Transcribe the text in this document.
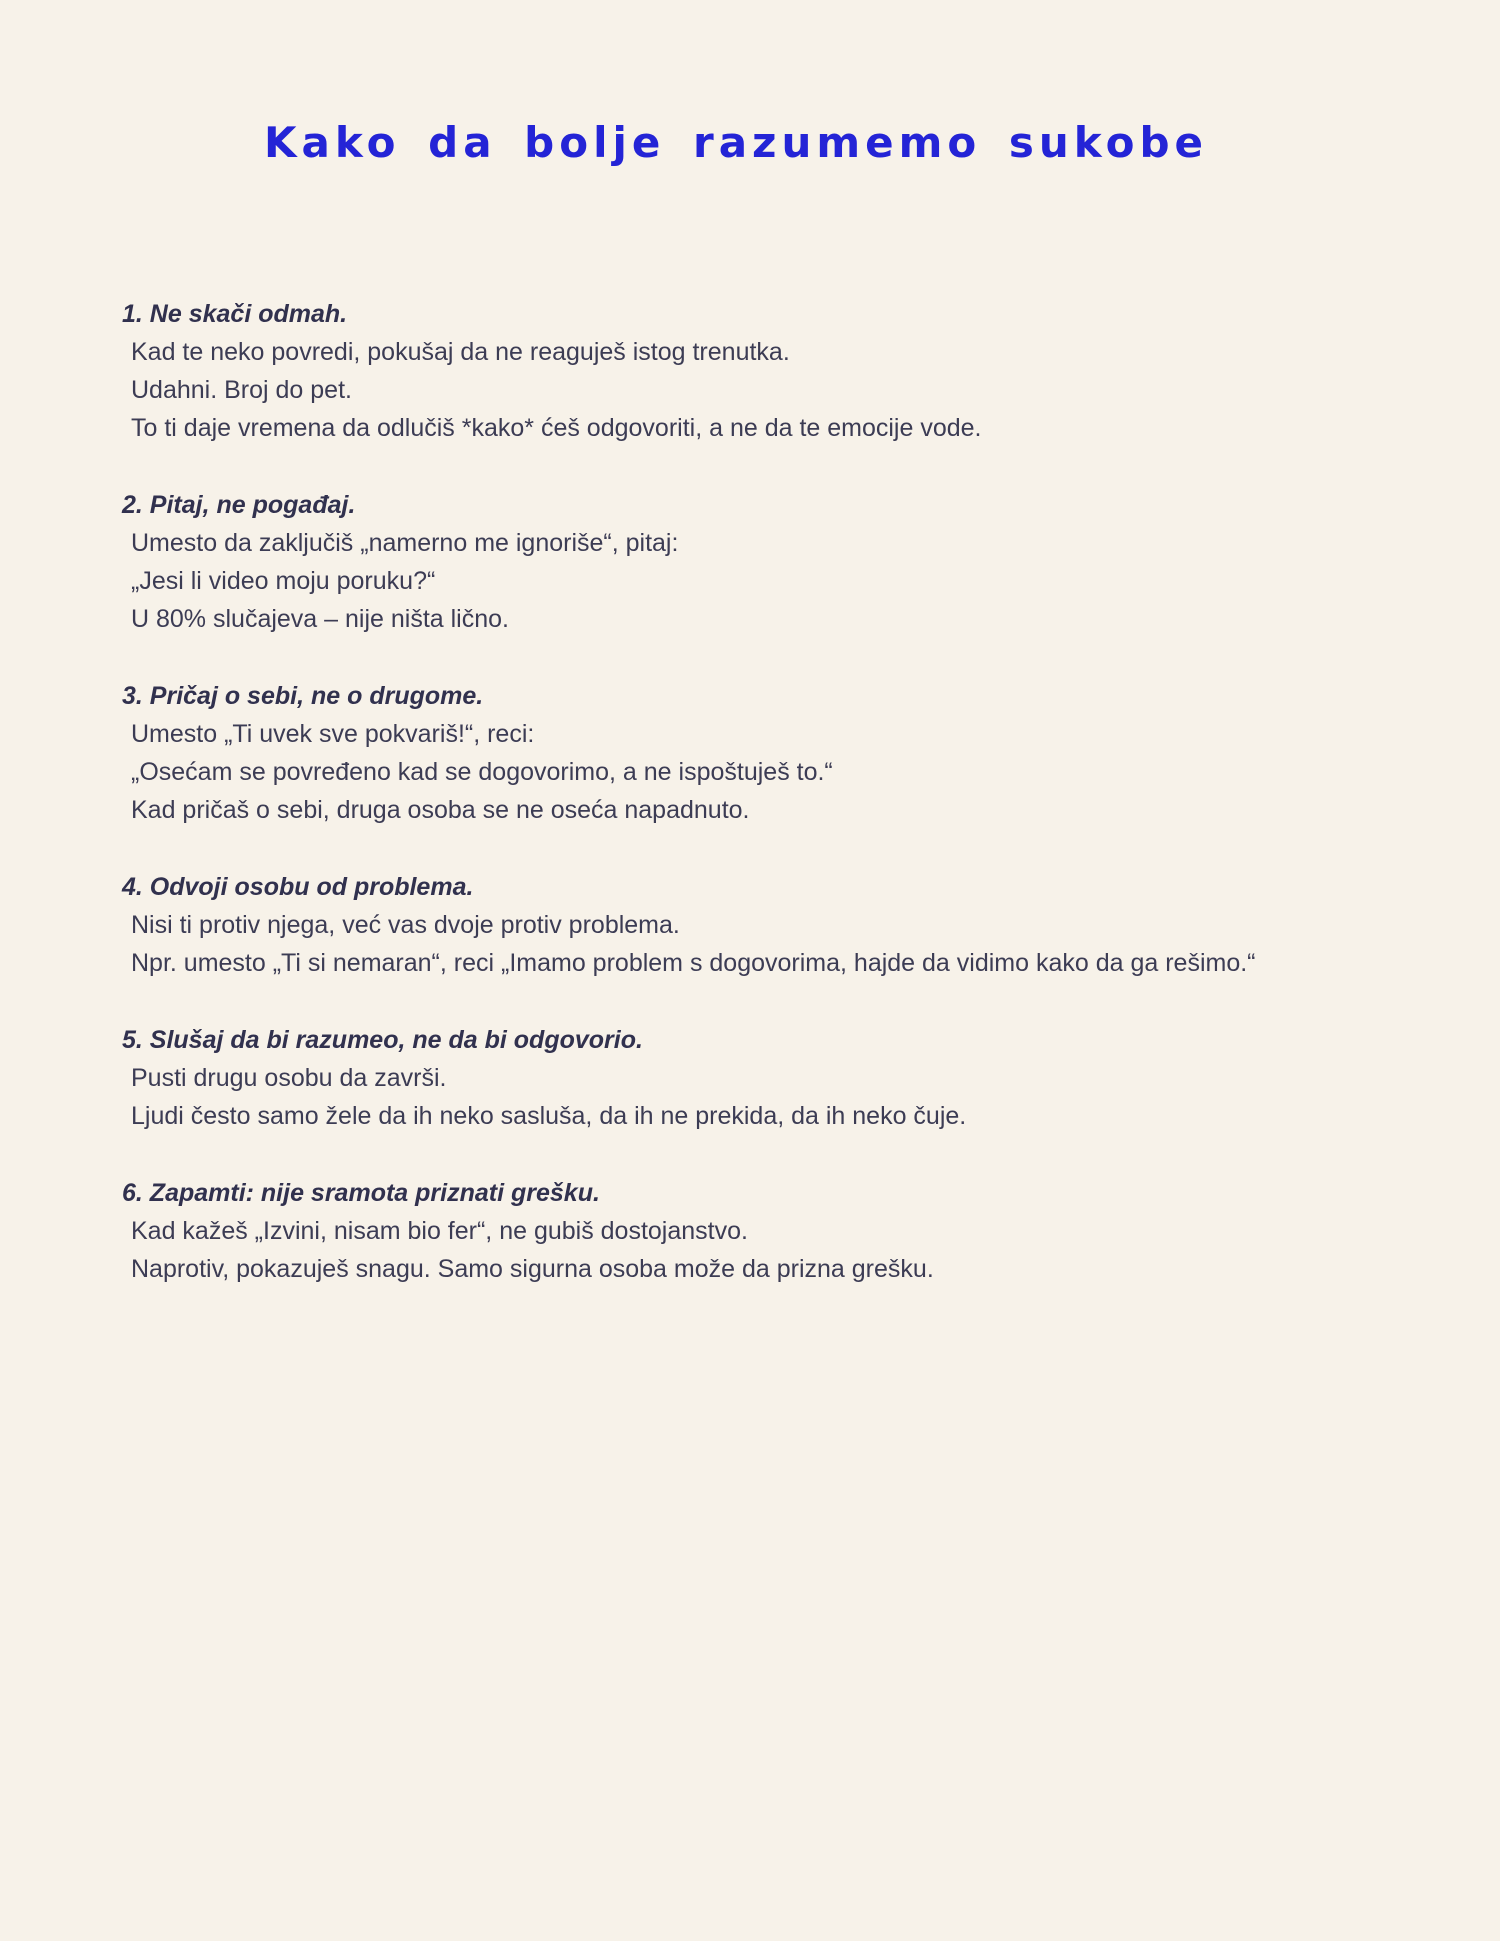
Kako da bolje razumemo sukobe

1. Ne skači odmah.

Kad te neko povredi, pokušaj da ne reaguješ istog trenutka.

Udahni. Broj do pet.

To ti daje vremena da odlučiš *kako* ćeš odgovoriti, a ne da te emocije vode.

2. Pitaj, ne pogađaj.

Umesto da zaključiš „namerno me ignoriše“, pitaj:

„Jesi li video moju poruku?“

U 80% slučajeva – nije ništa lično.

3. Pričaj o sebi, ne o drugome.

Umesto „Ti uvek sve pokvariš!“, reci:

„Osećam se povređeno kad se dogovorimo, a ne ispoštuješ to.“

Kad pričaš o sebi, druga osoba se ne oseća napadnuto.

4. Odvoji osobu od problema.

Nisi ti protiv njega, već vas dvoje protiv problema.

Npr. umesto „Ti si nemaran“, reci „Imamo problem s dogovorima, hajde da vidimo kako da ga rešimo.“

5. Slušaj da bi razumeo, ne da bi odgovorio.

Pusti drugu osobu da završi.

Ljudi često samo žele da ih neko sasluša, da ih ne prekida, da ih neko čuje.

6. Zapamti: nije sramota priznati grešku.

Kad kažeš „Izvini, nisam bio fer“, ne gubiš dostojanstvo.

Naprotiv, pokazuješ snagu. Samo sigurna osoba može da prizna grešku.
